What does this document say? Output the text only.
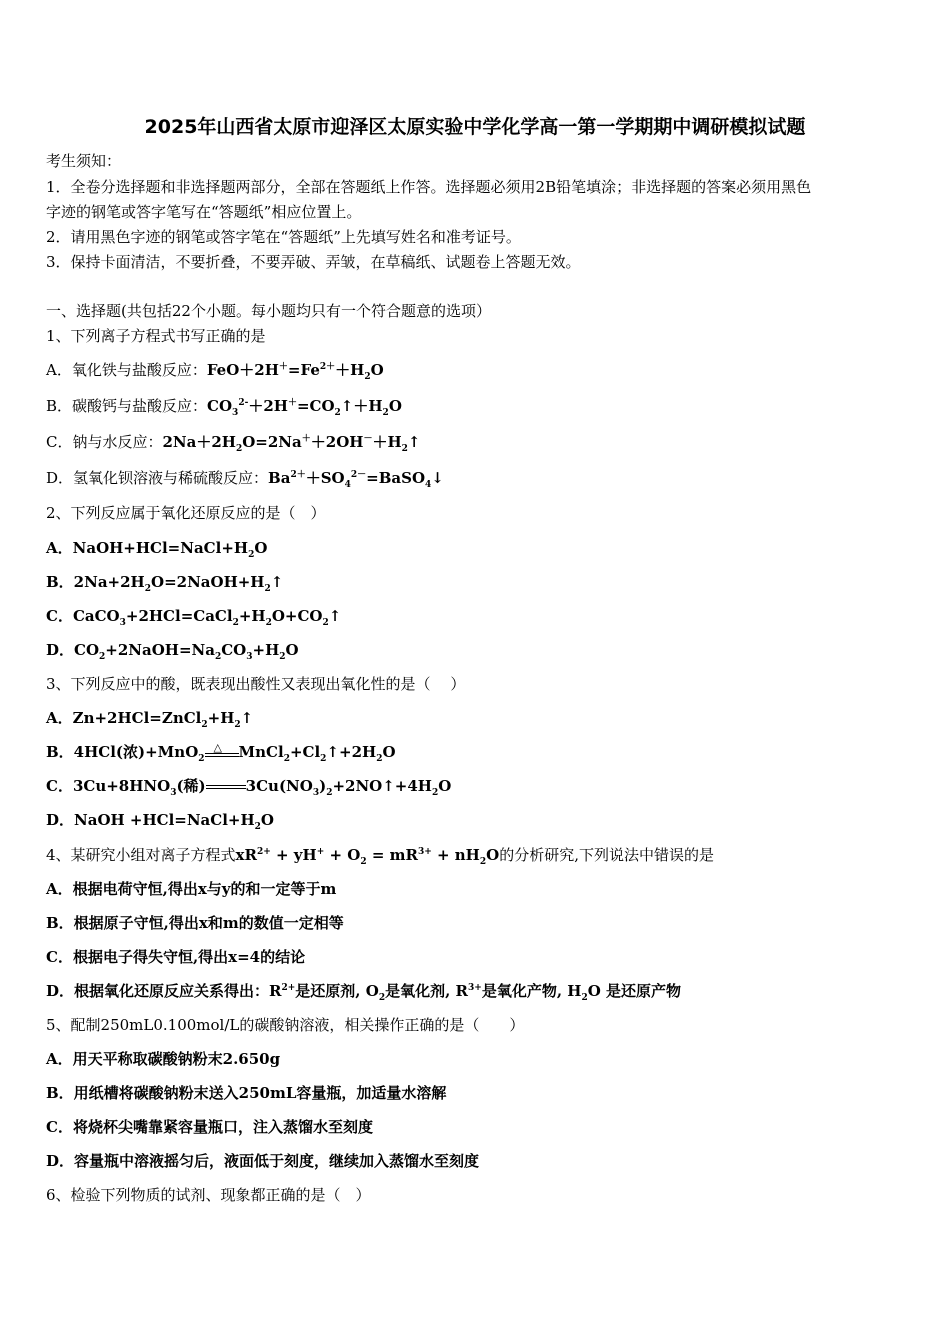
2025年山西省太原市迎泽区太原实验中学化学高一第一学期期中调研模拟试题
考生须知：
1．全卷分选择题和非选择题两部分，全部在答题纸上作答。选择题必须用2B铅笔填涂；非选择题的答案必须用黑色
字迹的钢笔或答字笔写在“答题纸”相应位置上。
2．请用黑色字迹的钢笔或答字笔在“答题纸”上先填写姓名和准考证号。
3．保持卡面清洁，不要折叠，不要弄破、弄皱，在草稿纸、试题卷上答题无效。
一、选择题(共包括22个小题。每小题均只有一个符合题意的选项）
1、下列离子方程式书写正确的是
A．氧化铁与盐酸反应：$FeO+2H^+=Fe^{2+}+H_2O$
B．碳酸钙与盐酸反应：$CO_3^{2-}+2H^+=CO_2↑+H_2O$
C．钠与水反应：$2Na+2H_2O=2Na^++2OH^-+H_2↑$
D．氢氧化钡溶液与稀硫酸反应：$Ba^{2+}+SO_4^{2-}=BaSO_4↓$
2、下列反应属于氧化还原反应的是（　）
A．$NaOH+HCl=NaCl+H_2O$
B．$2Na+2H_2O=2NaOH+H_2↑$
C．$CaCO_3+2HCl=CaCl_2+H_2O+CO_2↑$
D．$CO_2+2NaOH=Na_2CO_3+H_2O$
3、下列反应中的酸，既表现出酸性又表现出氧化性的是（　 ）
A．$Zn+2HCl=ZnCl_2+H_2↑$
B．4HCl(浓)+MnO$_2$
△ $MnCl_2+Cl_2↑+2H_2O$
C．$3Cu+8HNO_3$(稀)	$3Cu(NO_3)_2+2NO↑+4H_2O$
D．NaOH $+HCl=NaCl+H_2O$
4、某研究小组对离子方程式$xR^{2+} + yH^+ + O_2 = mR^{3+} + nH_2O$的分析研究,下列说法中错误的是
A．根据电荷守恒,得出x与y的和一定等于m
B．根据原子守恒,得出x和m的数值一定相等
C．根据电子得失守恒,得出x=4的结论
D．根据氧化还原反应关系得出：$R^{2+}$是还原剂, $O_2$是氧化剂, $R^{3+}$是氧化产物, $H_2O$ 是还原产物
5、配制250mL0.100mol/L的碳酸钠溶液，相关操作正确的是（　　）
A．用天平称取碳酸钠粉末2.650g
B．用纸槽将碳酸钠粉末送入250mL容量瓶，加适量水溶解
C．将烧杯尖嘴靠紧容量瓶口，注入蒸馏水至刻度
D．容量瓶中溶液摇匀后，液面低于刻度，继续加入蒸馏水至刻度
6、检验下列物质的试剂、现象都正确的是（　）
